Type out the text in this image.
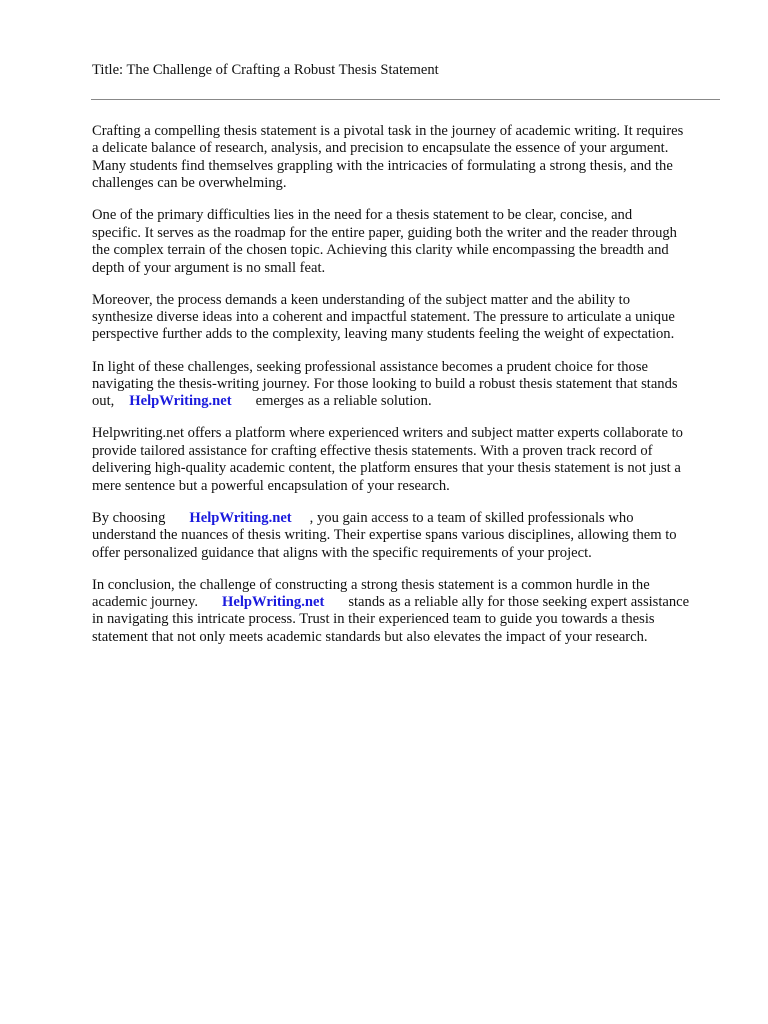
Title: The Challenge of Crafting a Robust Thesis Statement

Crafting a compelling thesis statement is a pivotal task in the journey of academic writing. It requires
a delicate balance of research, analysis, and precision to encapsulate the essence of your argument.
Many students find themselves grappling with the intricacies of formulating a strong thesis, and the
challenges can be overwhelming.

One of the primary difficulties lies in the need for a thesis statement to be clear, concise, and
specific. It serves as the roadmap for the entire paper, guiding both the writer and the reader through
the complex terrain of the chosen topic. Achieving this clarity while encompassing the breadth and
depth of your argument is no small feat.

Moreover, the process demands a keen understanding of the subject matter and the ability to
synthesize diverse ideas into a coherent and impactful statement. The pressure to articulate a unique
perspective further adds to the complexity, leaving many students feeling the weight of expectation.

In light of these challenges, seeking professional assistance becomes a prudent choice for those
navigating the thesis-writing journey. For those looking to build a robust thesis statement that stands
out, HelpWriting.net emerges as a reliable solution.

Helpwriting.net offers a platform where experienced writers and subject matter experts collaborate to
provide tailored assistance for crafting effective thesis statements. With a proven track record of
delivering high-quality academic content, the platform ensures that your thesis statement is not just a
mere sentence but a powerful encapsulation of your research.

By choosing HelpWriting.net , you gain access to a team of skilled professionals who
understand the nuances of thesis writing. Their expertise spans various disciplines, allowing them to
offer personalized guidance that aligns with the specific requirements of your project.

In conclusion, the challenge of constructing a strong thesis statement is a common hurdle in the
academic journey. HelpWriting.net stands as a reliable ally for those seeking expert assistance
in navigating this intricate process. Trust in their experienced team to guide you towards a thesis
statement that not only meets academic standards but also elevates the impact of your research.
